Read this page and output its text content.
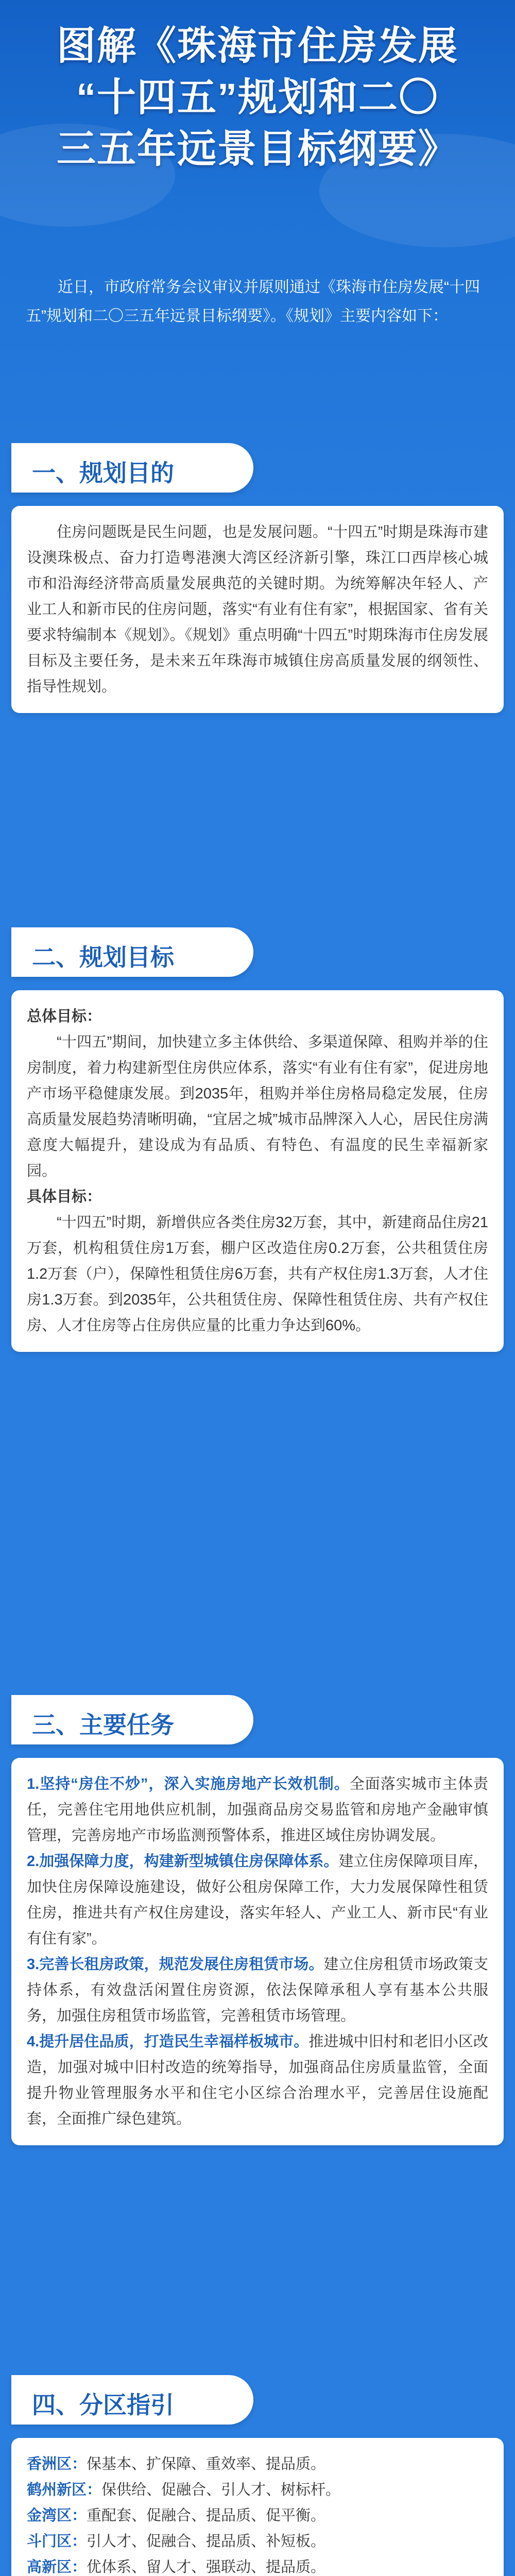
图解《珠海市住房发展
“十四五”规划和二〇
三五年远景目标纲要》
近日，市政府常务会议审议并原则通过《珠海市住房发展“十四五”规划和二〇三五年远景目标纲要》。《规划》主要内容如下：
一、规划目的

住房问题既是民生问题，也是发展问题。“十四五”时期是珠海市建设澳珠极点、奋力打造粤港澳大湾区经济新引擎，珠江口西岸核心城市和沿海经济带高质量发展典范的关键时期。为统筹解决年轻人、产业工人和新市民的住房问题，落实“有业有住有家”，根据国家、省有关要求特编制本《规划》。《规划》重点明确“十四五”时期珠海市住房发展目标及主要任务，是未来五年珠海市城镇住房高质量发展的纲领性、指导性规划。

二、规划目标

总体目标：

“十四五”期间，加快建立多主体供给、多渠道保障、租购并举的住房制度，着力构建新型住房供应体系，落实“有业有住有家”，促进房地产市场平稳健康发展。到2035年，租购并举住房格局稳定发展，住房高质量发展趋势清晰明确，“宜居之城”城市品牌深入人心，居民住房满意度大幅提升，建设成为有品质、有特色、有温度的民生幸福新家园。

具体目标：

“十四五”时期，新增供应各类住房32万套，其中，新建商品住房21万套，机构租赁住房1万套，棚户区改造住房0.2万套，公共租赁住房1.2万套（户），保障性租赁住房6万套，共有产权住房1.3万套，人才住房1.3万套。到2035年，公共租赁住房、保障性租赁住房、共有产权住房、人才住房等占住房供应量的比重力争达到60%。

三、主要任务

1.坚持“房住不炒”，深入实施房地产长效机制。全面落实城市主体责任，完善住宅用地供应机制，加强商品房交易监管和房地产金融审慎管理，完善房地产市场监测预警体系，推进区域住房协调发展。

2.加强保障力度，构建新型城镇住房保障体系。建立住房保障项目库，加快住房保障设施建设，做好公租房保障工作，大力发展保障性租赁住房，推进共有产权住房建设，落实年轻人、产业工人、新市民“有业有住有家”。

3.完善长租房政策，规范发展住房租赁市场。建立住房租赁市场政策支持体系，有效盘活闲置住房资源，依法保障承租人享有基本公共服务，加强住房租赁市场监管，完善租赁市场管理。

4.提升居住品质，打造民生幸福样板城市。推进城中旧村和老旧小区改造，加强对城中旧村改造的统筹指导，加强商品住房质量监管，全面提升物业管理服务水平和住宅小区综合治理水平，完善居住设施配套，全面推广绿色建筑。

四、分区指引

香洲区：保基本、扩保障、重效率、提品质。

鹤州新区：保供给、促融合、引人才、树标杆。

金湾区：重配套、促融合、提品质、促平衡。

斗门区：引人才、促融合、提品质、补短板。

高新区：优体系、留人才、强联动、提品质。
